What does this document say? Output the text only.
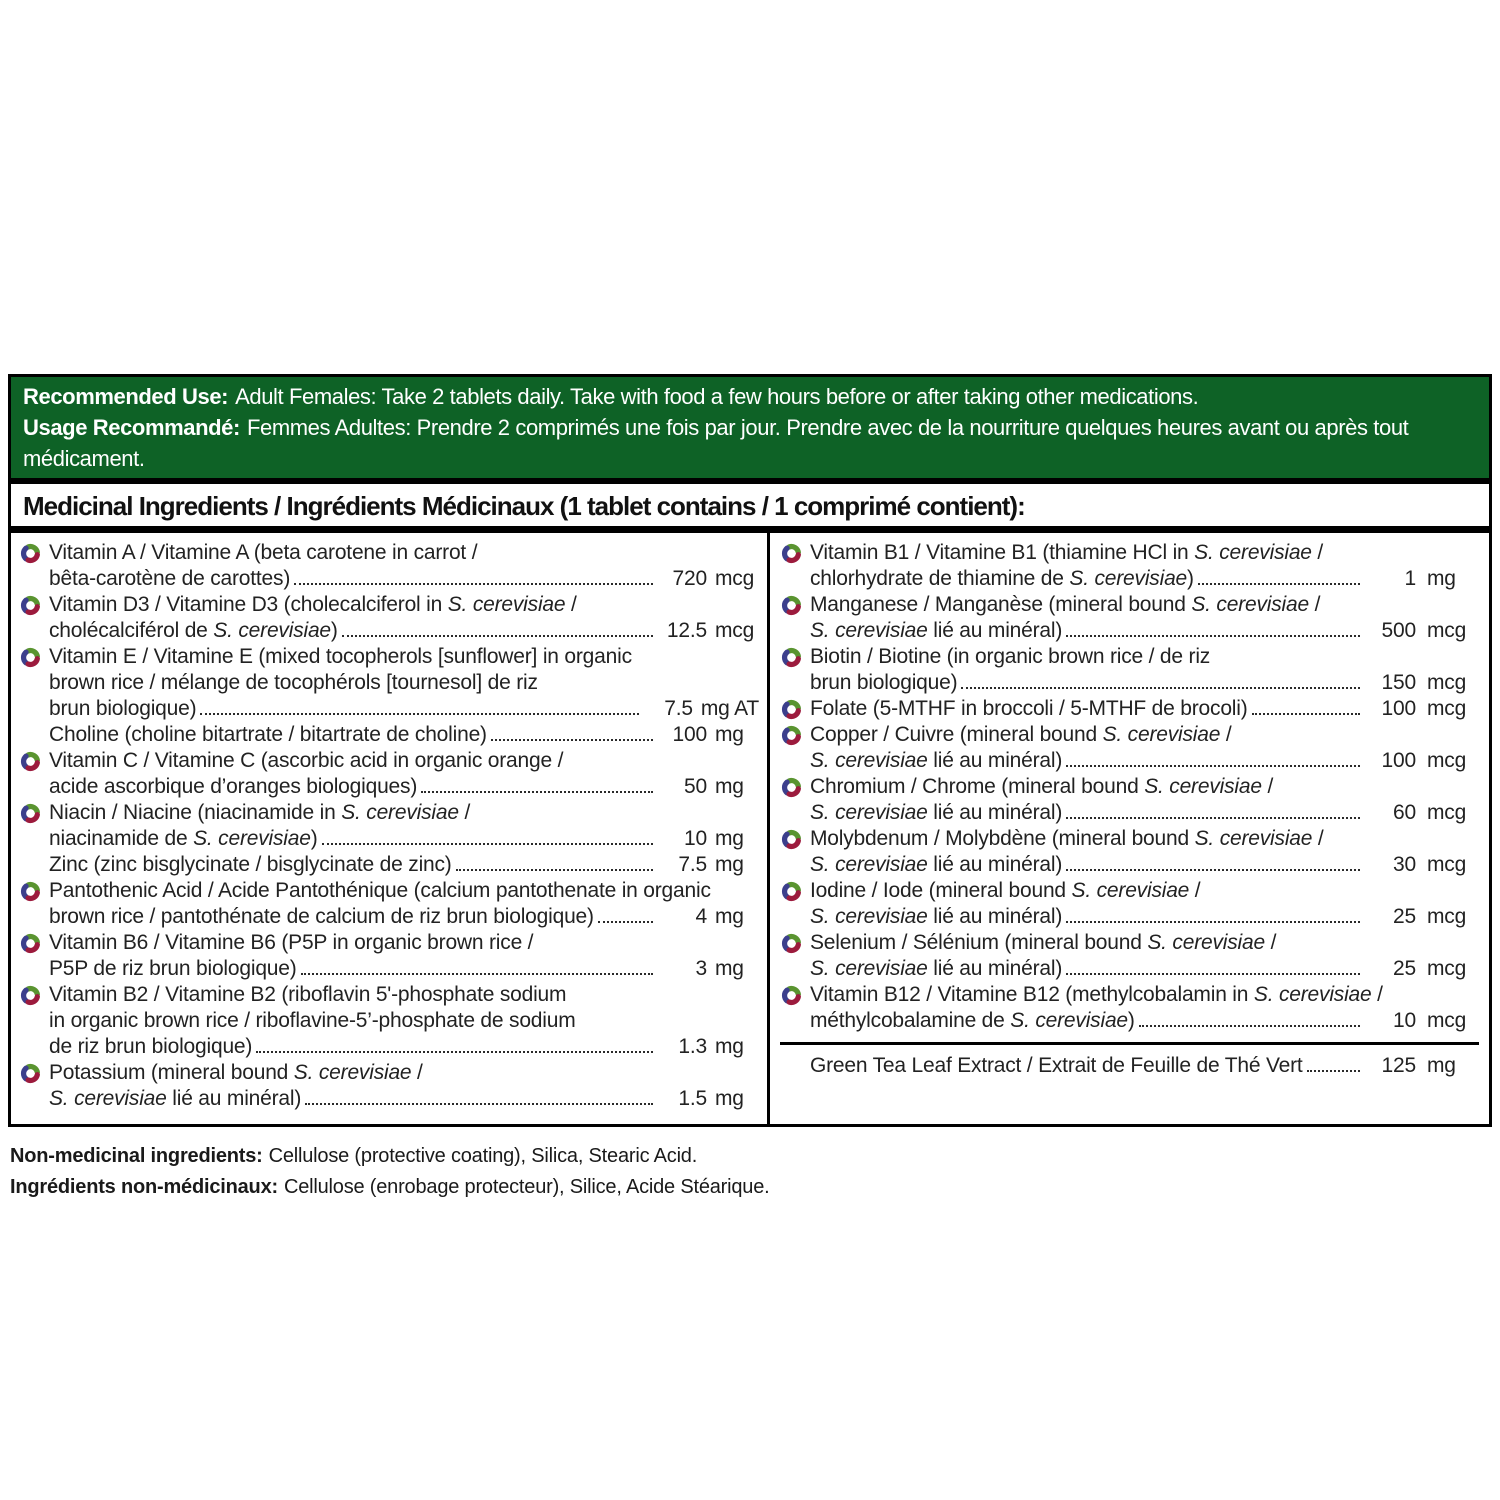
Recommended Use: Adult Females: Take 2 tablets daily. Take with food a few hours before or after taking other medications.
Usage Recommandé: Femmes Adultes: Prendre 2 comprimés une fois par jour. Prendre avec de la nourriture quelques heures avant ou après tout médicament.
Medicinal Ingredients / Ingrédients Médicinaux (1 tablet contains / 1 comprimé contient):
Vitamin A / Vitamine A (beta carotene in carrot /
bêta-carotène de carottes)	720 mcg
Vitamin D3 / Vitamine D3 (cholecalciferol in S. cerevisiae /
cholécalciférol de S. cerevisiae)	12.5 mcg
Vitamin E / Vitamine E (mixed tocopherols [sunflower] in organic
brown rice / mélange de tocophérols [tournesol] de riz
brun biologique)	7.5 mg AT
Choline (choline bitartrate / bitartrate de choline)	100 mg
Vitamin C / Vitamine C (ascorbic acid in organic orange /
acide ascorbique d’oranges biologiques)	50 mg
Niacin / Niacine (niacinamide in S. cerevisiae /
niacinamide de S. cerevisiae)	10 mg
Zinc (zinc bisglycinate / bisglycinate de zinc)	7.5 mg
Pantothenic Acid / Acide Pantothénique (calcium pantothenate in organic
brown rice / pantothénate de calcium de riz brun biologique)	4 mg
Vitamin B6 / Vitamine B6 (P5P in organic brown rice /
P5P de riz brun biologique)	3 mg
Vitamin B2 / Vitamine B2 (riboflavin 5'-phosphate sodium
in organic brown rice / riboflavine-5’-phosphate de sodium
de riz brun biologique)	1.3 mg
Potassium (mineral bound S. cerevisiae /
S. cerevisiae lié au minéral)	1.5 mg
Vitamin B1 / Vitamine B1 (thiamine HCl in S. cerevisiae /
chlorhydrate de thiamine de S. cerevisiae)	1 mg
Manganese / Manganèse (mineral bound S. cerevisiae /
S. cerevisiae lié au minéral)	500 mcg
Biotin / Biotine (in organic brown rice / de riz
brun biologique)	150 mcg
Folate (5-MTHF in broccoli / 5-MTHF de brocoli)	100 mcg
Copper / Cuivre (mineral bound S. cerevisiae /
S. cerevisiae lié au minéral)	100 mcg
Chromium / Chrome (mineral bound S. cerevisiae /
S. cerevisiae lié au minéral)	60 mcg
Molybdenum / Molybdène (mineral bound S. cerevisiae /
S. cerevisiae lié au minéral)	30 mcg
Iodine / Iode (mineral bound S. cerevisiae /
S. cerevisiae lié au minéral)	25 mcg
Selenium / Sélénium (mineral bound S. cerevisiae /
S. cerevisiae lié au minéral)	25 mcg
Vitamin B12 / Vitamine B12 (methylcobalamin in S. cerevisiae /
méthylcobalamine de S. cerevisiae)	10 mcg
Green Tea Leaf Extract / Extrait de Feuille de Thé Vert	125 mg
Non-medicinal ingredients: Cellulose (protective coating), Silica, Stearic Acid.
Ingrédients non-médicinaux: Cellulose (enrobage protecteur), Silice, Acide Stéarique.
